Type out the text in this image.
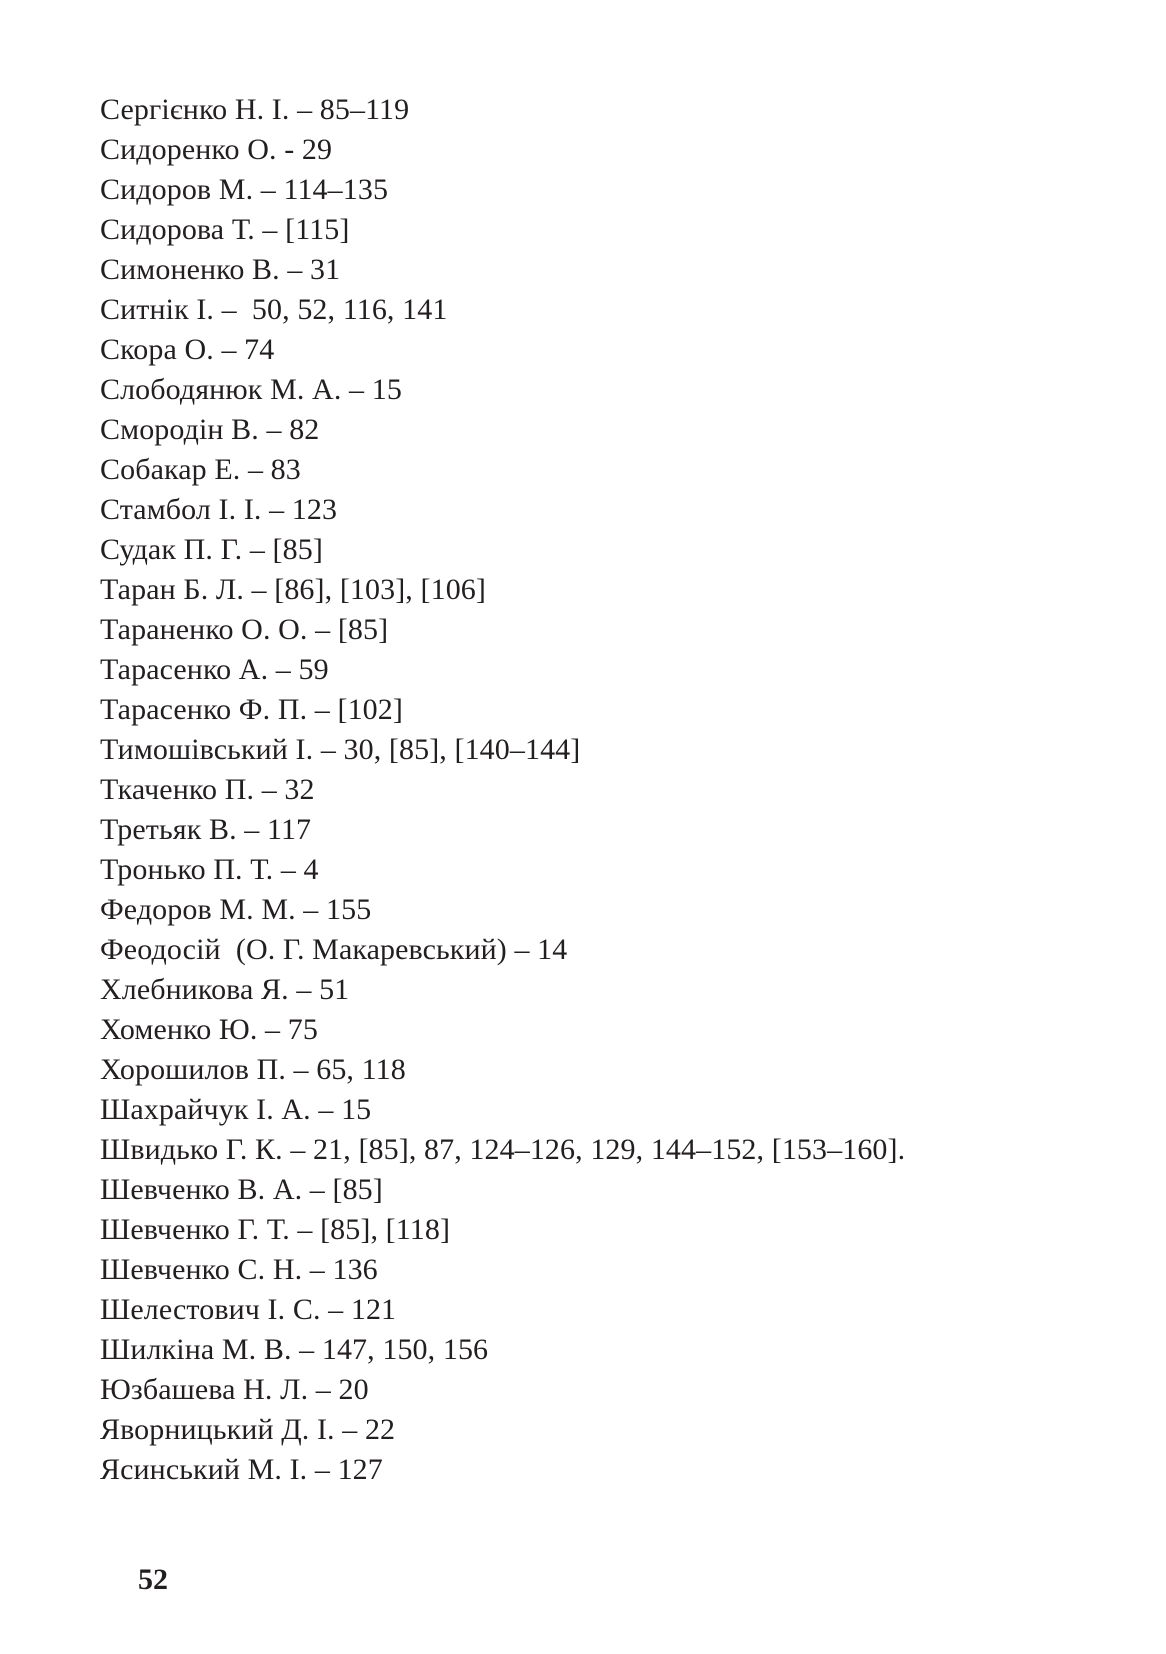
Сергієнко Н. І. – 85–119
Сидоренко О. - 29
Сидоров М. – 114–135
Сидорова Т. – [115]
Симоненко В. – 31
Ситнік І. –  50, 52, 116, 141
Скора О. – 74
Слободянюк М. А. – 15
Смородін В. – 82
Собакар Е. – 83
Стамбол І. І. – 123
Судак П. Г. – [85]
Таран Б. Л. – [86], [103], [106]
Тараненко О. О. – [85]
Тарасенко А. – 59
Тарасенко Ф. П. – [102]
Тимошівський І. – 30, [85], [140–144]
Ткаченко П. – 32
Третьяк В. – 117
Тронько П. Т. – 4
Федоров М. М. – 155
Феодосій  (О. Г. Макаревський) – 14
Хлебникова Я. – 51
Хоменко Ю. – 75
Хорошилов П. – 65, 118
Шахрайчук І. А. – 15
Швидько Г. К. – 21, [85], 87, 124–126, 129, 144–152, [153–160].
Шевченко В. А. – [85]
Шевченко Г. Т. – [85], [118]
Шевченко С. Н. – 136
Шелестович І. С. – 121
Шилкіна М. В. – 147, 150, 156
Юзбашева Н. Л. – 20
Яворницький Д. І. – 22
Ясинський М. І. – 127
52
